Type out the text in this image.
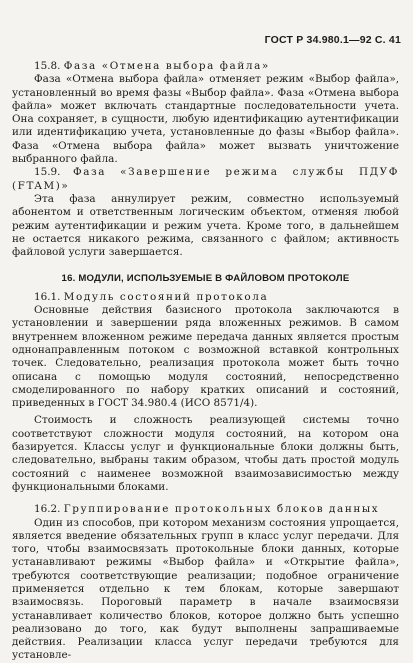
ГОСТ Р 34.980.1—92 С. 41

15.8. Фаза «Отмена выбора файла»

Фаза «Отмена выбора файла» отменяет режим «Выбор файла», установленный во время фазы «Выбор файла». Фаза «Отмена выбора файла» может включать стандартные последовательности учета. Она сохраняет, в сущности, любую идентификацию аутентификации или идентификацию учета, установленные до фазы «Выбор файла». Фаза «Отмена выбора файла» может вызвать уничтожение выбранного файла.

15.9. Фаза «Завершение режима службы ПДУФ (FTAM)»

Эта фаза аннулирует режим, совместно используемый абонентом и ответственным логическим объектом, отменяя любой режим аутентификации и режим учета. Кроме того, в дальнейшем не остается никакого режима, связанного с файлом; активность файловой услуги завершается.

16. МОДУЛИ, ИСПОЛЬЗУЕМЫЕ В ФАЙЛОВОМ ПРОТОКОЛЕ

16.1. Модуль состояний протокола

Основные действия базисного протокола заключаются в установлении и завершении ряда вложенных режимов. В самом внутреннем вложенном режиме передача данных является простым однонаправленным потоком с возможной вставкой контрольных точек. Следовательно, реализация протокола может быть точно описана с помощью модуля состояний, непосредственно смоделированного по набору кратких описаний и состояний, приведенных в ГОСТ 34.980.4 (ИСО 8571/4).

Стоимость и сложность реализующей системы точно соответствуют сложности модуля состояний, на котором она базируется. Классы услуг и функциональные блоки должны быть, следовательно, выбраны таким образом, чтобы дать простой модуль состояний с наименее возможной взаимозависимостью между функциональными блоками.

16.2. Группирование протокольных блоков данных

Один из способов, при котором механизм состояния упрощается, является введение обязательных групп в класс услуг передачи. Для того, чтобы взаимосвязать протокольные блоки данных, которые устанавливают режимы «Выбор файла» и «Открытие файла», требуются соответствующие реализации; подобное ограничение применяется отдельно к тем блокам, которые завершают взаимосвязь. Пороговый параметр в начале взаимосвязи устанавливает количество блоков, которое должно быть успешно реализовано до того, как будут выполнены запрашиваемые действия. Реализации класса услуг передачи требуются для установле-
